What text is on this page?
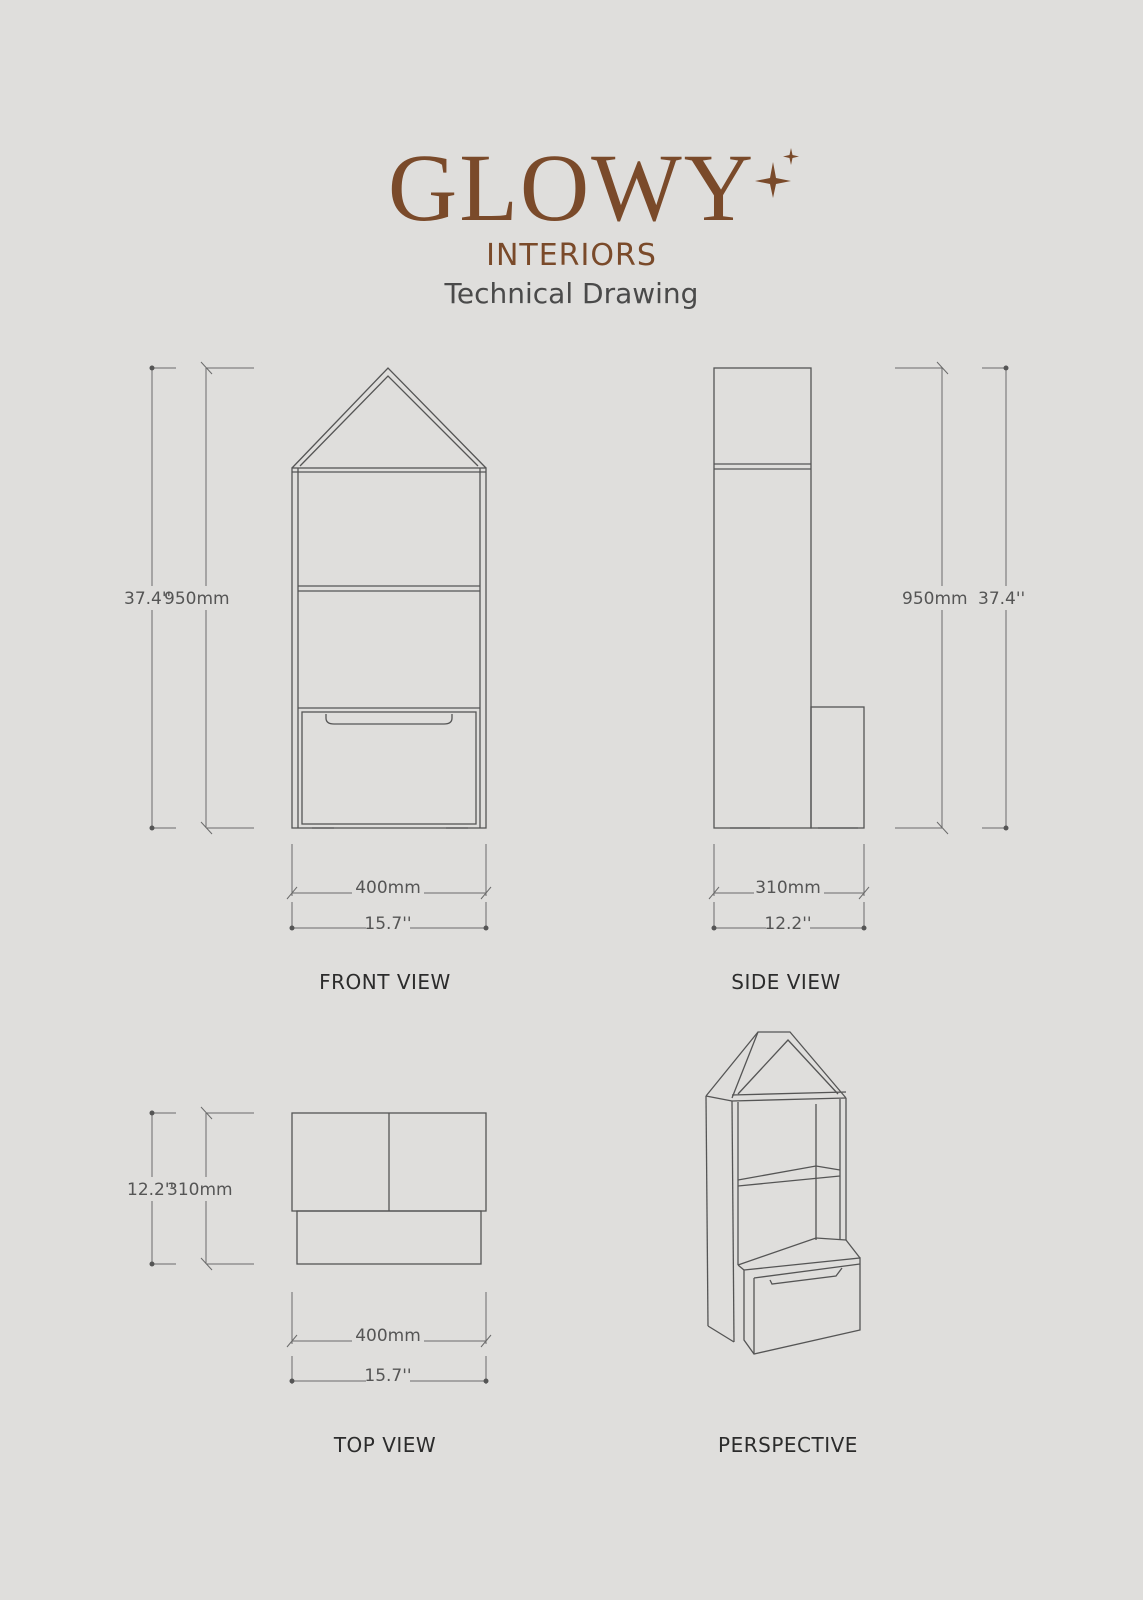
GLOWY
INTERIORS
Technical Drawing
37.4''
950mm
400mm
15.7''
FRONT VIEW
950mm 37.4''
310mm
12.2''
SIDE VIEW
12.2''
310mm
400mm
15.7''
TOP VIEW	PERSPECTIVE
